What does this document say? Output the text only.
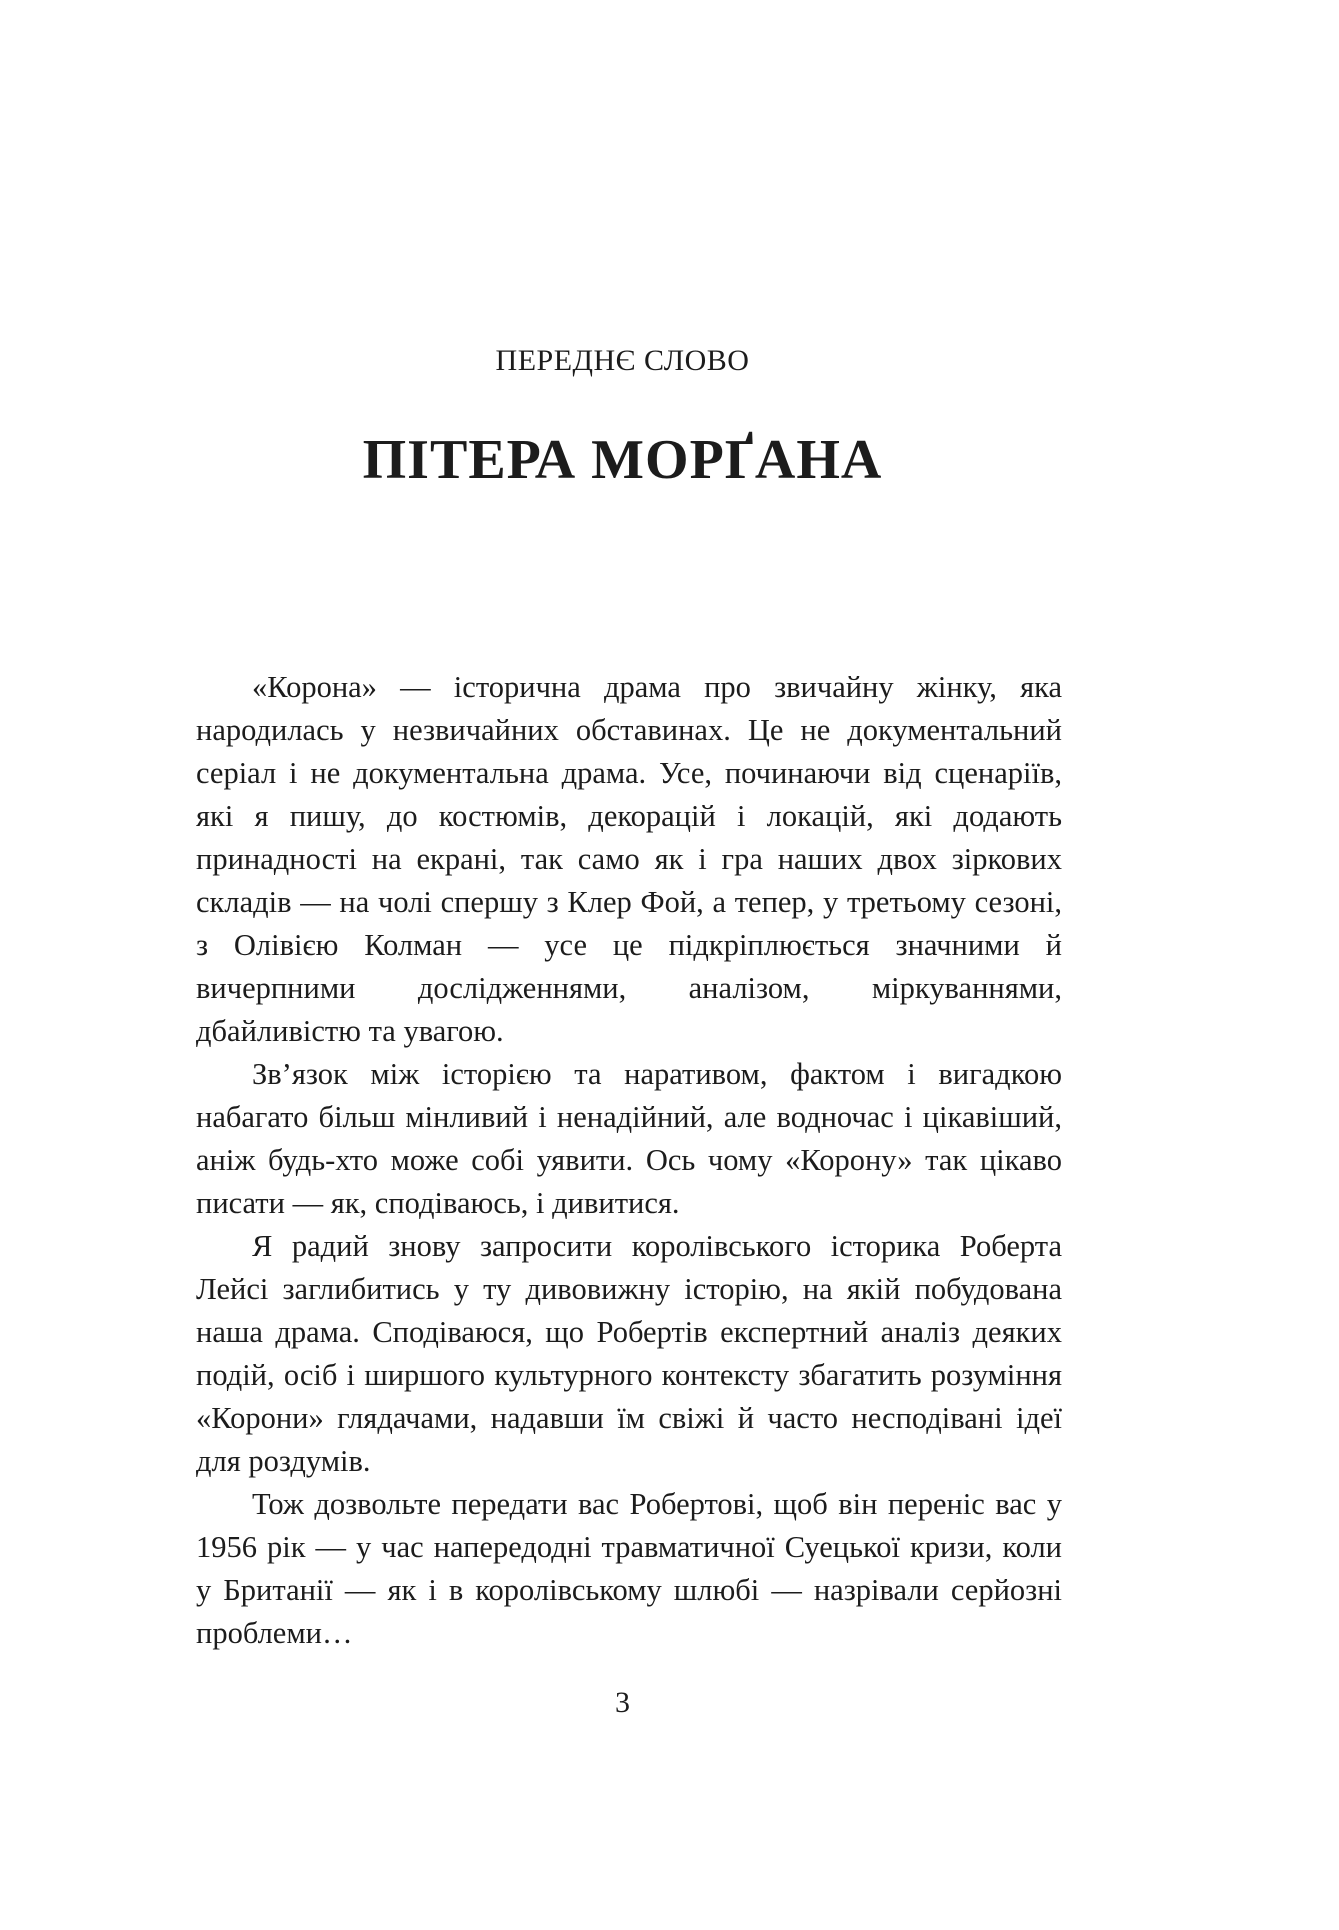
ПЕРЕДНЄ СЛОВО
ПІТЕРА МОРҐАНА

«Корона» — історична драма про звичайну жінку, яка народилась у незвичайних обставинах. Це не документальний серіал і не документальна драма. Усе, починаючи від сценаріїв, які я пишу, до костюмів, декорацій і локацій, які додають принадності на екрані, так само як і гра наших двох зіркових складів — на чолі спершу з Клер Фой, а тепер, у третьому сезоні, з Олівією Колман — усе це підкріплюється значними й вичерпними дослідженнями, аналізом, міркуваннями, дбайливістю та увагою.

Зв’язок між історією та наративом, фактом і вигадкою набагато більш мінливий і ненадійний, але водночас і цікавіший, аніж будь-хто може собі уявити. Ось чому «Корону» так цікаво писати — як, сподіваюсь, і дивитися.

Я радий знову запросити королівського історика Роберта Лейсі заглибитись у ту дивовижну історію, на якій побудована наша драма. Сподіваюся, що Робертів експертний аналіз деяких подій, осіб і ширшого культурного контексту збагатить розуміння «Корони» глядачами, надавши їм свіжі й часто несподівані ідеї для роздумів.

Тож дозвольте передати вас Робертові, щоб він переніс вас у 1956 рік — у час напередодні травматичної Суецької кризи, коли у Британії — як і в королівському шлюбі — назрівали серйозні проблеми…

3
